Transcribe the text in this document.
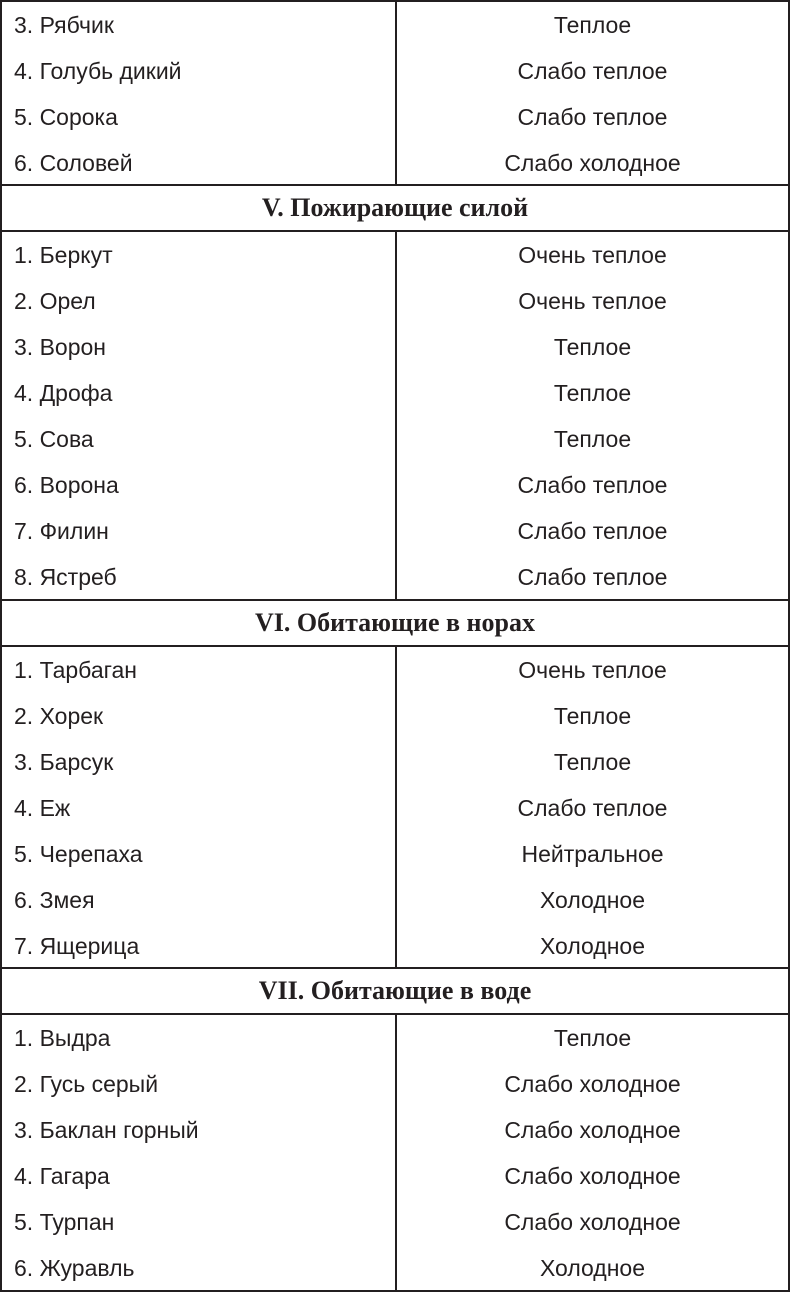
3. Рябчик	Теплое
4. Голубь дикий	Слабо теплое
5. Сорока	Слабо теплое
6. Соловей	Слабо холодное
V. Пожирающие силой
1. Беркут	Очень теплое
2. Орел	Очень теплое
3. Ворон	Теплое
4. Дрофа	Теплое
5. Сова	Теплое
6. Ворона	Слабо теплое
7. Филин	Слабо теплое
8. Ястреб	Слабо теплое
VI. Обитающие в норах
1. Тарбаган	Очень теплое
2. Хорек	Теплое
3. Барсук	Теплое
4. Еж	Слабо теплое
5. Черепаха	Нейтральное
6. Змея	Холодное
7. Ящерица	Холодное
VII. Обитающие в воде
1. Выдра	Теплое
2. Гусь серый	Слабо холодное
3. Баклан горный	Слабо холодное
4. Гагара	Слабо холодное
5. Турпан	Слабо холодное
6. Журавль	Холодное
